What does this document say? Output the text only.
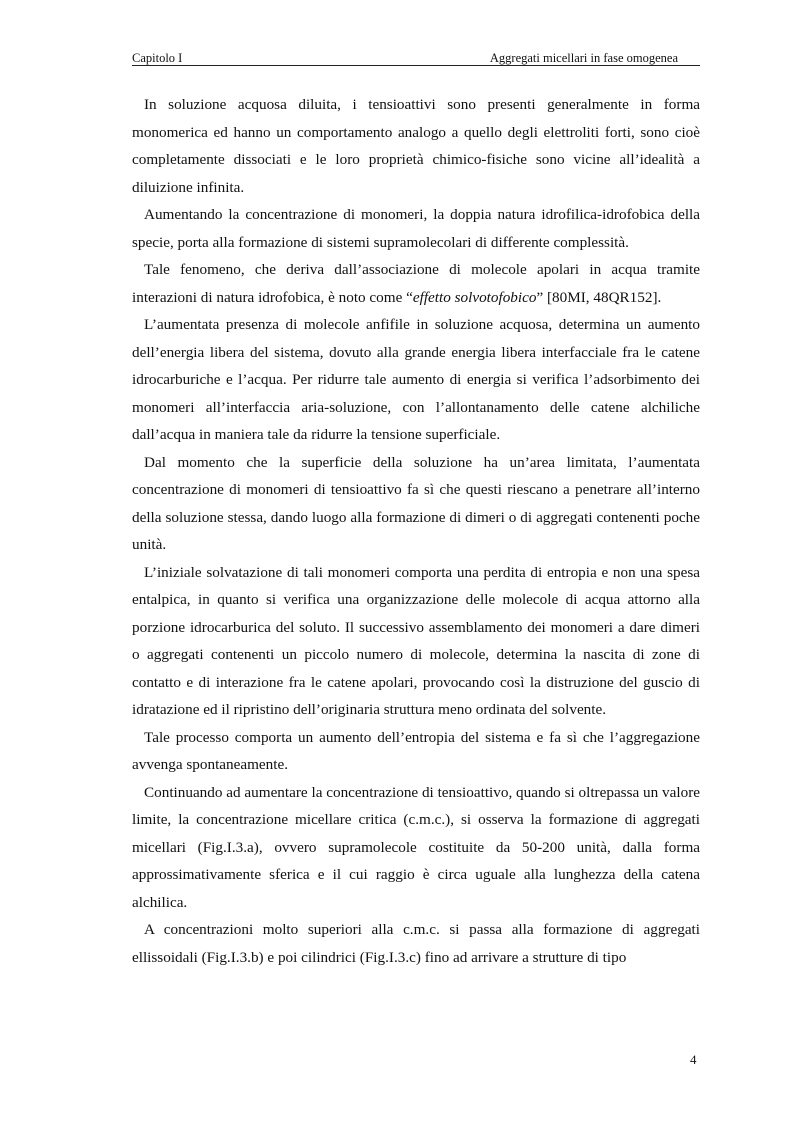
Capitolo I	Aggregati micellari in fase omogenea

In soluzione acquosa diluita, i tensioattivi sono presenti generalmente in forma monomerica ed hanno un comportamento analogo a quello degli elettroliti forti, sono cioè completamente dissociati e le loro proprietà chimico-fisiche sono vicine all’idealità a diluizione infinita.

Aumentando la concentrazione di monomeri, la doppia natura idrofilica-idrofobica della specie, porta alla formazione di sistemi supramolecolari di differente complessità.

Tale fenomeno, che deriva dall’associazione di molecole apolari in acqua tramite interazioni di natura idrofobica, è noto come “effetto solvotofobico” [80MI, 48QR152].

L’aumentata presenza di molecole anfifile in soluzione acquosa, determina un aumento dell’energia libera del sistema, dovuto alla grande energia libera interfacciale fra le catene idrocarburiche e l’acqua. Per ridurre tale aumento di energia si verifica l’adsorbimento dei monomeri all’interfaccia aria-soluzione, con l’allontanamento delle catene alchiliche dall’acqua in maniera tale da ridurre la tensione superficiale.

Dal momento che la superficie della soluzione ha un’area limitata, l’aumentata concentrazione di monomeri di tensioattivo fa sì che questi riescano a penetrare all’interno della soluzione stessa, dando luogo alla formazione di dimeri o di aggregati contenenti poche unità.

L’iniziale solvatazione di tali monomeri comporta una perdita di entropia e non una spesa entalpica, in quanto si verifica una organizzazione delle molecole di acqua attorno alla porzione idrocarburica del soluto. Il successivo assemblamento dei monomeri a dare dimeri o aggregati contenenti un piccolo numero di molecole, determina la nascita di zone di contatto e di interazione fra le catene apolari, provocando così la distruzione del guscio di idratazione ed il ripristino dell’originaria struttura meno ordinata del solvente.

Tale processo comporta un aumento dell’entropia del sistema e fa sì che l’aggregazione avvenga spontaneamente.

Continuando ad aumentare la concentrazione di tensioattivo, quando si oltrepassa un valore limite, la concentrazione micellare critica (c.m.c.), si osserva la formazione di aggregati micellari (Fig.I.3.a), ovvero supramolecole costituite da 50-200 unità, dalla forma approssimativamente sferica e il cui raggio è circa uguale alla lunghezza della catena alchilica.

A concentrazioni molto superiori alla c.m.c. si passa alla formazione di aggregati ellissoidali (Fig.I.3.b) e poi cilindrici (Fig.I.3.c) fino ad arrivare a strutture di tipo

4
